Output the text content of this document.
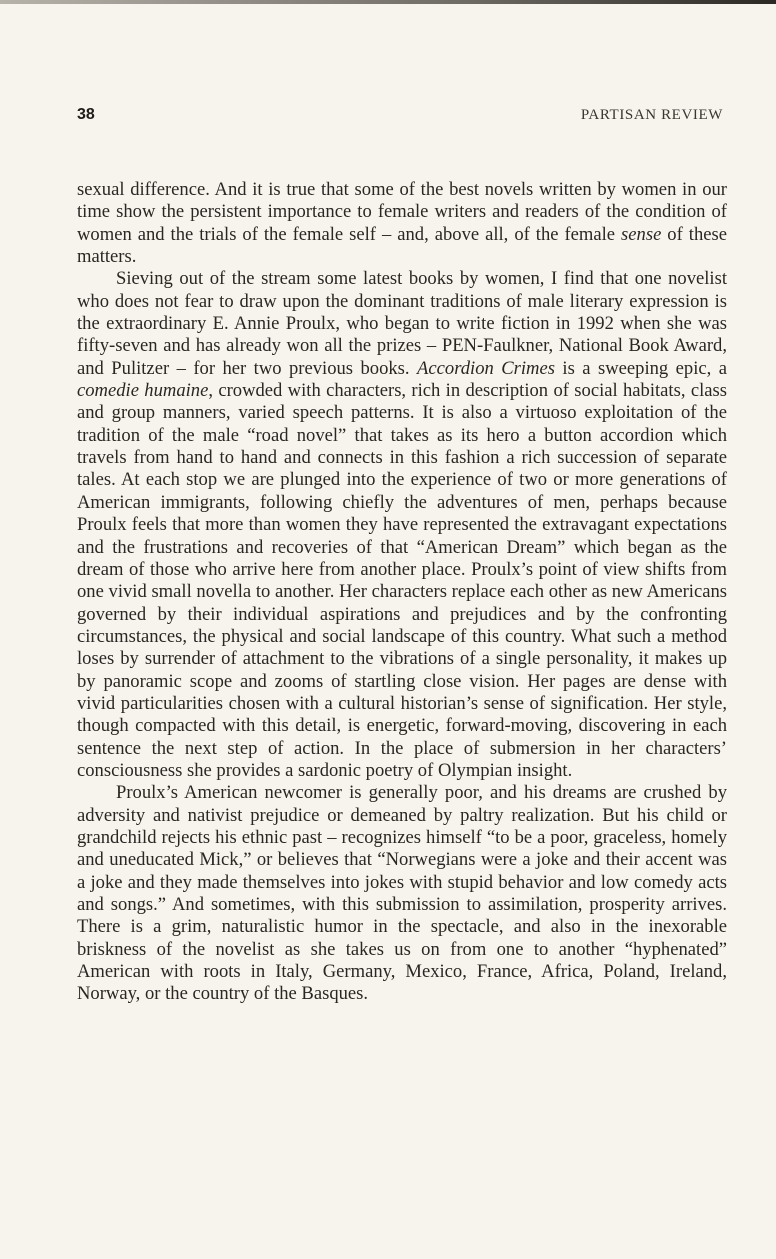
38	PARTISAN REVIEW

sexual difference. And it is true that some of the best novels written by women in our time show the persistent importance to female writers and readers of the condition of women and the trials of the female self – and, above all, of the female sense of these matters.

Sieving out of the stream some latest books by women, I find that one novelist who does not fear to draw upon the dominant traditions of male literary expression is the extraordinary E. Annie Proulx, who began to write fiction in 1992 when she was fifty-seven and has already won all the prizes – PEN-Faulkner, National Book Award, and Pulitzer – for her two previous books. Accordion Crimes is a sweeping epic, a comedie humaine, crowded with characters, rich in description of social habitats, class and group manners, varied speech patterns. It is also a virtuoso exploitation of the tradition of the male “road novel” that takes as its hero a button accordion which travels from hand to hand and connects in this fashion a rich succession of separate tales. At each stop we are plunged into the experience of two or more generations of American immigrants, following chiefly the adventures of men, perhaps because Proulx feels that more than women they have represented the extravagant expectations and the frustrations and recoveries of that “American Dream” which began as the dream of those who arrive here from another place. Proulx’s point of view shifts from one vivid small novella to another. Her characters replace each other as new Americans governed by their individual aspirations and prejudices and by the confronting circumstances, the physical and social landscape of this country. What such a method loses by surrender of attachment to the vibrations of a single personality, it makes up by panoramic scope and zooms of startling close vision. Her pages are dense with vivid particularities chosen with a cultural historian’s sense of signification. Her style, though compacted with this detail, is energetic, forward-moving, discovering in each sentence the next step of action. In the place of submersion in her characters’ consciousness she provides a sardonic poetry of Olympian insight.

Proulx’s American newcomer is generally poor, and his dreams are crushed by adversity and nativist prejudice or demeaned by paltry realization. But his child or grandchild rejects his ethnic past – recognizes himself “to be a poor, graceless, homely and uneducated Mick,” or believes that “Norwegians were a joke and their accent was a joke and they made themselves into jokes with stupid behavior and low comedy acts and songs.” And sometimes, with this submission to assimilation, prosperity arrives. There is a grim, naturalistic humor in the spectacle, and also in the inexorable briskness of the novelist as she takes us on from one to another “hyphenated” American with roots in Italy, Germany, Mexico, France, Africa, Poland, Ireland, Norway, or the country of the Basques.
